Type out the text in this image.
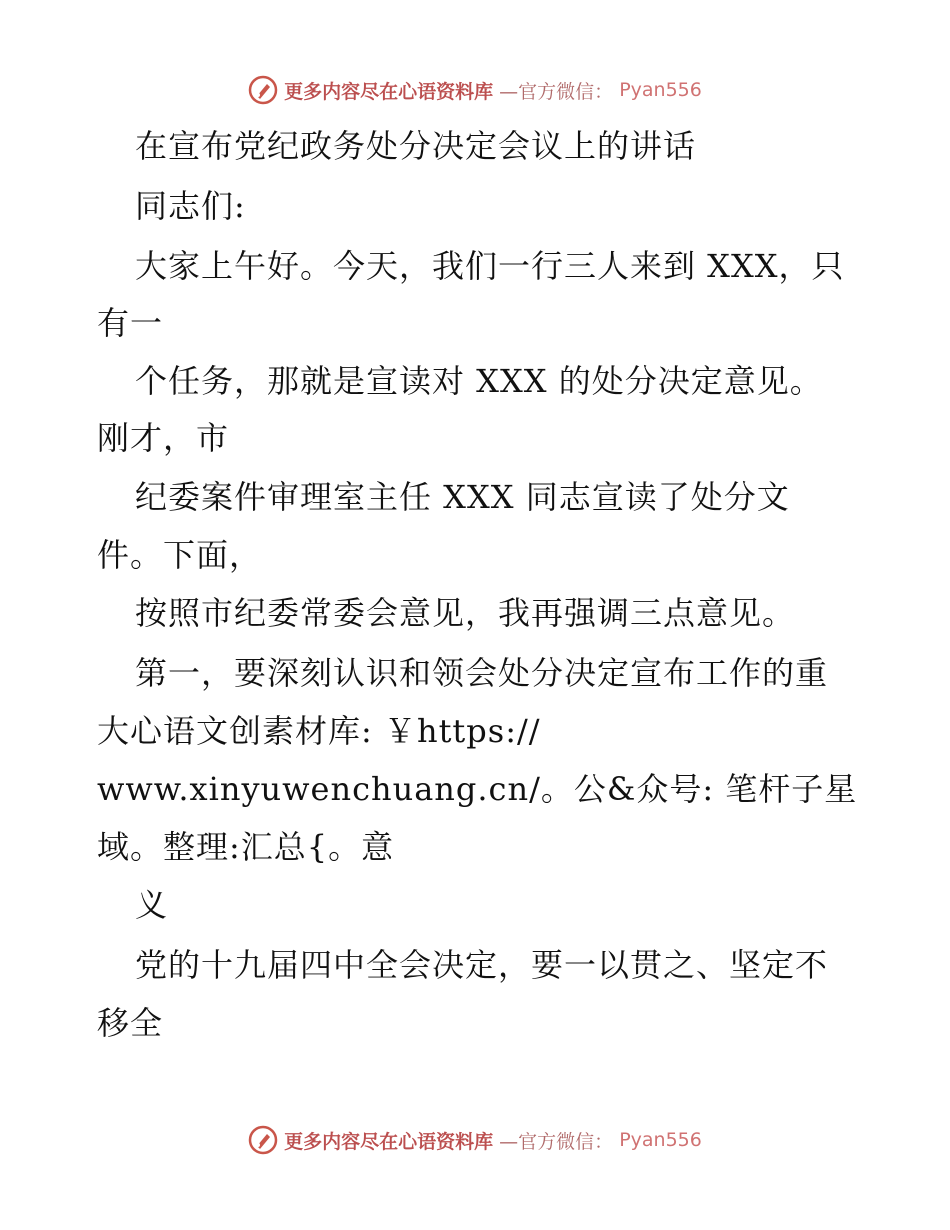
更多内容尽在心语资料库 —官方微信： Pyan556
在宣布党纪政务处分决定会议上的讲话
同志们:
大家上午好。今天，我们一行三人来到 XXX，只
有一
个任务，那就是宣读对 XXX 的处分决定意见。
刚才，市
纪委案件审理室主任 XXX 同志宣读了处分文
件。下面，
按照市纪委常委会意见，我再强调三点意见。
第一，要深刻认识和领会处分决定宣布工作的重
大心语文创素材库: ￥https://
www.xinyuwenchuang.cn/。公&众号: 笔杆子星
域。整理:汇总{。意
义
党的十九届四中全会决定，要一以贯之、坚定不
移全
更多内容尽在心语资料库 —官方微信： Pyan556
